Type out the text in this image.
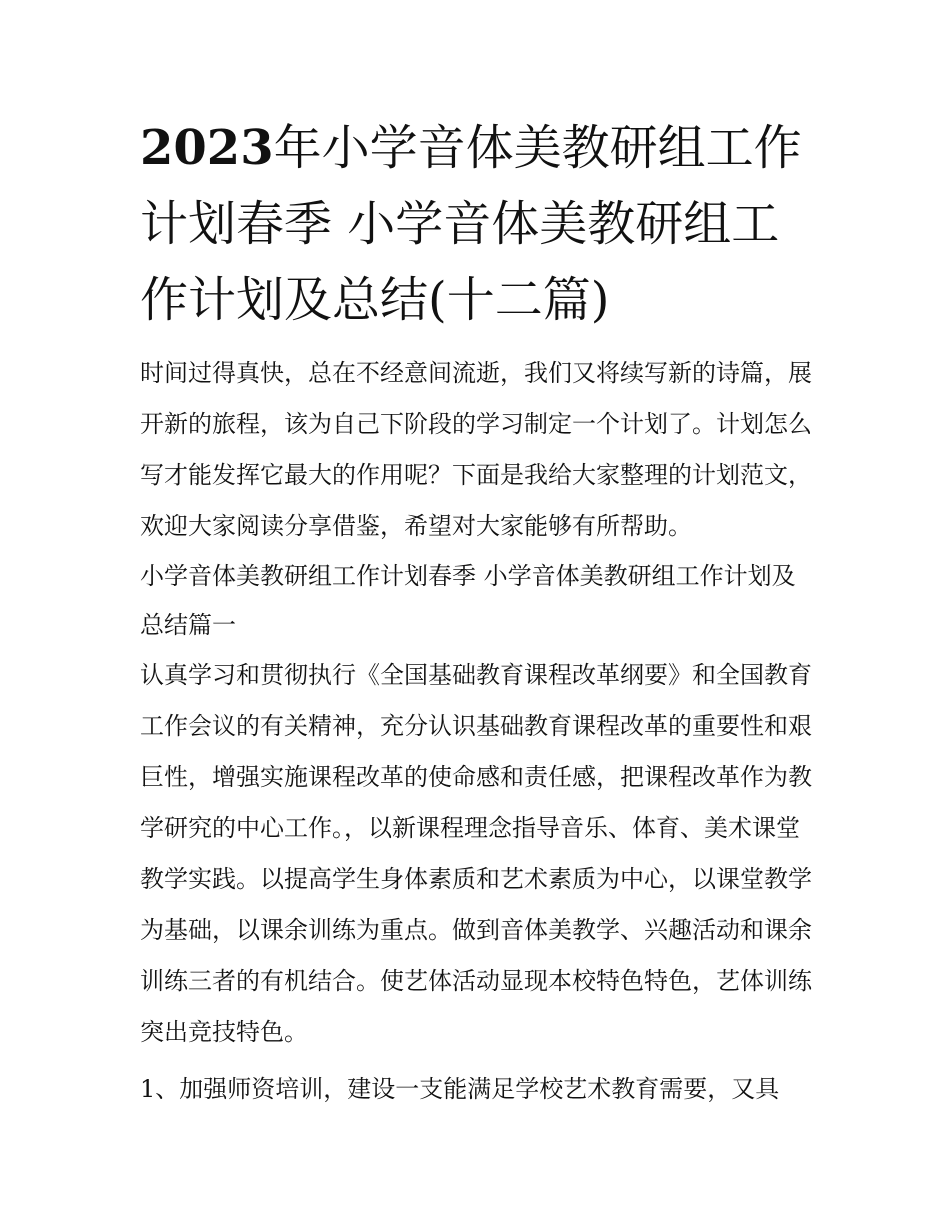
2023年小学音体美教研组工作计划春季 小学音体美教研组工作计划及总结(十二篇)

时间过得真快，总在不经意间流逝，我们又将续写新的诗篇，展开新的旅程，该为自己下阶段的学习制定一个计划了。计划怎么写才能发挥它最大的作用呢？下面是我给大家整理的计划范文，欢迎大家阅读分享借鉴，希望对大家能够有所帮助。

小学音体美教研组工作计划春季 小学音体美教研组工作计划及总结篇一

认真学习和贯彻执行《全国基础教育课程改革纲要》和全国教育工作会议的有关精神，充分认识基础教育课程改革的重要性和艰巨性，增强实施课程改革的使命感和责任感，把课程改革作为教学研究的中心工作。，以新课程理念指导音乐、体育、美术课堂教学实践。以提高学生身体素质和艺术素质为中心，以课堂教学为基础，以课余训练为重点。做到音体美教学、兴趣活动和课余训练三者的有机结合。使艺体活动显现本校特色特色，艺体训练突出竞技特色。

1、加强师资培训，建设一支能满足学校艺术教育需要，又具
